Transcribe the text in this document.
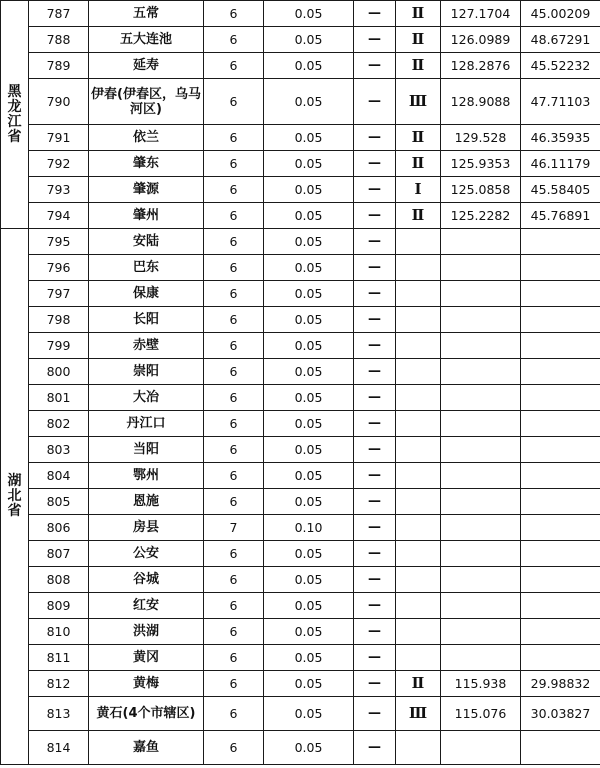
黑龙江省	787	五常	6	0.05	—	Ⅱ	127.1704	45.00209
	788	五大连池	6	0.05	—	Ⅱ	126.0989	48.67291
	789	延寿	6	0.05	—	Ⅱ	128.2876	45.52232
	790	伊春(伊春区，乌马河区)	6	0.05	—	Ⅲ	128.9088	47.71103
	791	依兰	6	0.05	—	Ⅱ	129.528	46.35935
	792	肇东	6	0.05	—	Ⅱ	125.9353	46.11179
	793	肇源	6	0.05	—	Ⅰ	125.0858	45.58405
	794	肇州	6	0.05	—	Ⅱ	125.2282	45.76891
湖北省	795	安陆	6	0.05	—			
	796	巴东	6	0.05	—			
	797	保康	6	0.05	—			
	798	长阳	6	0.05	—			
	799	赤壁	6	0.05	—			
	800	崇阳	6	0.05	—			
	801	大冶	6	0.05	—			
	802	丹江口	6	0.05	—			
	803	当阳	6	0.05	—			
	804	鄂州	6	0.05	—			
	805	恩施	6	0.05	—			
	806	房县	7	0.10	—			
	807	公安	6	0.05	—			
	808	谷城	6	0.05	—			
	809	红安	6	0.05	—			
	810	洪湖	6	0.05	—			
	811	黄冈	6	0.05	—			
	812	黄梅	6	0.05	—	Ⅱ	115.938	29.98832
	813	黄石(4个市辖区)	6	0.05	—	Ⅲ	115.076	30.03827
	814	嘉鱼	6	0.05	—			
